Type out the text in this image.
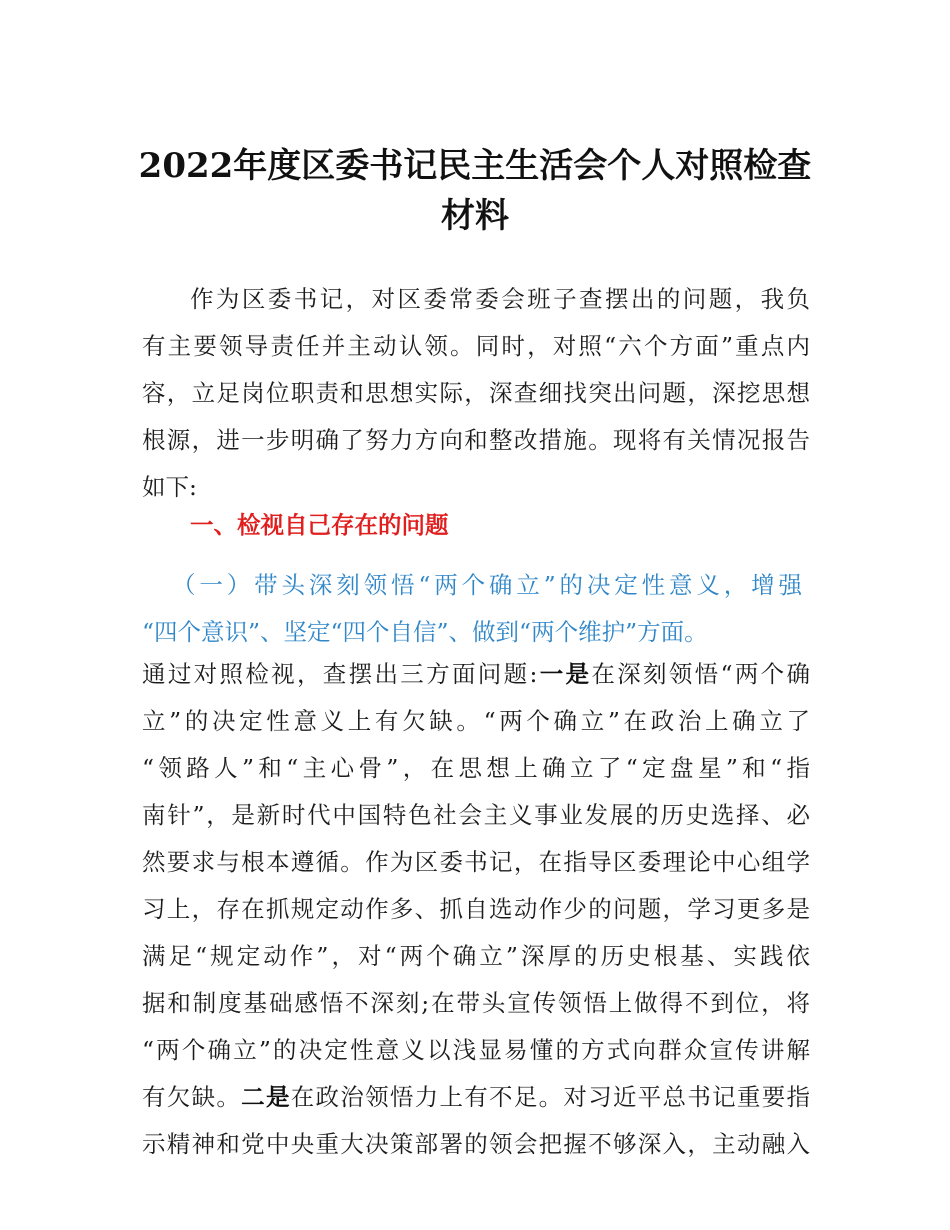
2022年度区委书记民主生活会个人对照检查
材料
作为区委书记，对区委常委会班子查摆出的问题，我负
有主要领导责任并主动认领。同时，对照“六个方面”重点内
容，立足岗位职责和思想实际，深查细找突出问题，深挖思想
根源，进一步明确了努力方向和整改措施。现将有关情况报告
如下:
一、检视自己存在的问题
（一）带头深刻领悟“两个确立”的决定性意义，增强
“四个意识”、坚定“四个自信”、做到“两个维护”方面。
通过对照检视，查摆出三方面问题:一是在深刻领悟“两个确
立”的决定性意义上有欠缺。“两个确立”在政治上确立了
“领路人”和“主心骨”，在思想上确立了“定盘星”和“指
南针”，是新时代中国特色社会主义事业发展的历史选择、必
然要求与根本遵循。作为区委书记，在指导区委理论中心组学
习上，存在抓规定动作多、抓自选动作少的问题，学习更多是
满足“规定动作”，对“两个确立”深厚的历史根基、实践依
据和制度基础感悟不深刻;在带头宣传领悟上做得不到位，将
“两个确立”的决定性意义以浅显易懂的方式向群众宣传讲解
有欠缺。二是在政治领悟力上有不足。对习近平总书记重要指
示精神和党中央重大决策部署的领会把握不够深入，主动融入
